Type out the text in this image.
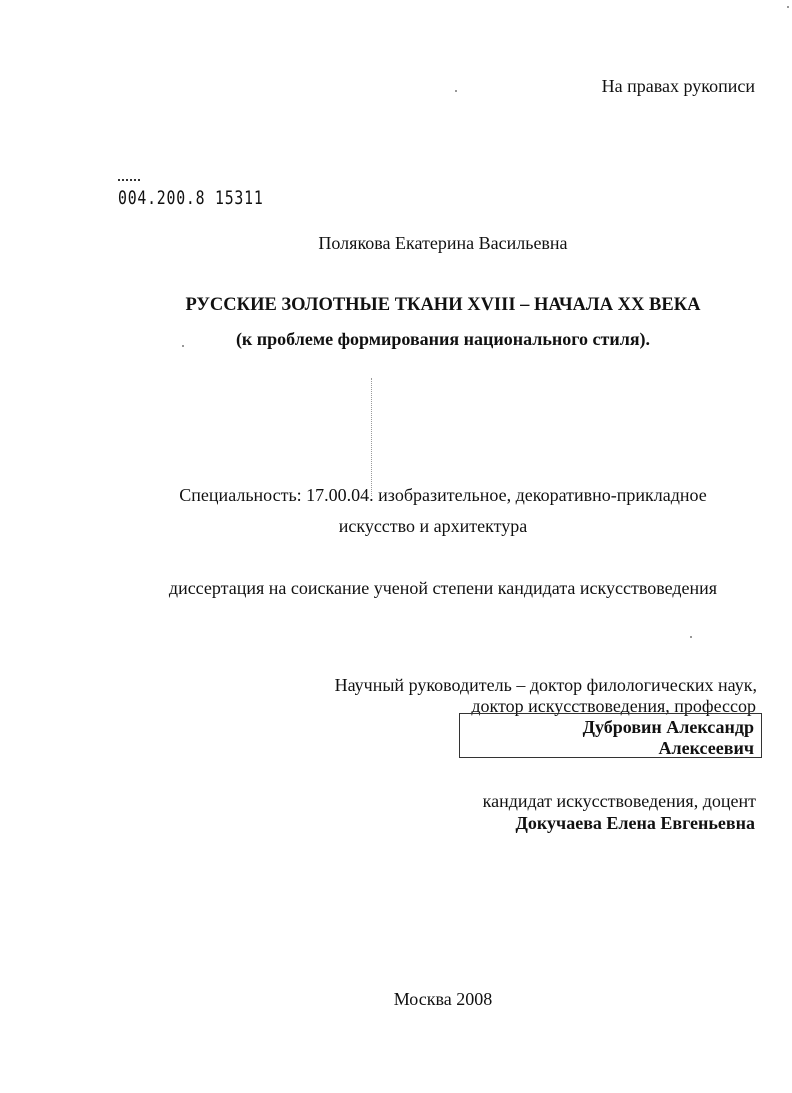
На правах рукописи
004.200.8 15311
Полякова Екатерина Васильевна
РУССКИЕ ЗОЛОТНЫЕ ТКАНИ XVIII – НАЧАЛА XX ВЕКА
(к проблеме формирования национального стиля).
Специальность: 17.00.04. изобразительное, декоративно-прикладное
искусство и архитектура
диссертация на соискание ученой степени кандидата искусствоведения
Научный руководитель – доктор филологических наук,
доктор искусствоведения, профессор
Дубровин Александр
Алексеевич
кандидат искусствоведения, доцент
Докучаева Елена Евгеньевна
Москва 2008
